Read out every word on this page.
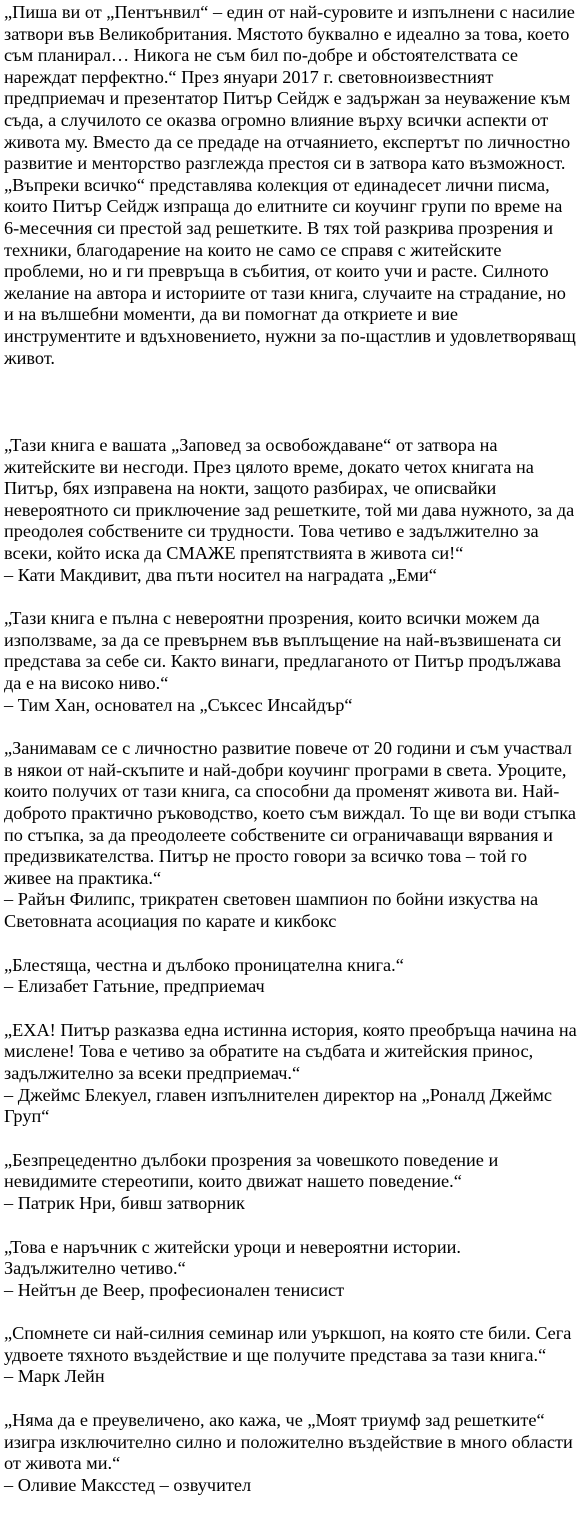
„Пиша ви от „Пентънвил“ – един от най-суровите и изпълнени с насилие затвори във Великобритания. Мястото буквално е идеално за това, което съм планирал… Никога не съм бил по-добре и обстоятелствата се нареждат перфектно.“ През януари 2017 г. световноизвестният предприемач и презентатор Питър Сейдж е задържан за неуважение към съда, а случилото се оказва огромно влияние върху всички аспекти от живота му. Вместо да се предаде на отчаянието, експертът по личностно развитие и менторство разглежда престоя си в затвора като възможност. „Въпреки всичко“ представлява колекция от единадесет лични писма, които Питър Сейдж изпраща до елитните си коучинг групи по време на 6-месечния си престой зад решетките. В тях той разкрива прозрения и техники, благодарение на които не само се справя с житейските проблеми, но и ги превръща в събития, от които учи и расте. Силното желание на автора и историите от тази книга, случаите на страдание, но и на вълшебни моменти, да ви помогнат да откриете и вие инструментите и вдъхновението, нужни за по-щастлив и удовлетворяващ живот.

„Тази книга е вашата „Заповед за освобождаване“ от затвора на житейските ви несгоди. През цялото време, докато четох книгата на Питър, бях изправена на нокти, защото разбирах, че описвайки невероятното си приключение зад решетките, той ми дава нужното, за да преодолея собствените си трудности. Това четиво е задължително за всеки, който иска да СМАЖЕ препятствията в живота си!“

– Кати Макдивит, два пъти носител на наградата „Еми“

„Тази книга е пълна с невероятни прозрения, които всички можем да използваме, за да се превърнем във въплъщение на най-възвишената си представа за себе си. Както винаги, предлаганото от Питър продължава да е на високо ниво.“

– Тим Хан, основател на „Съксес Инсайдър“

„Занимавам се с личностно развитие повече от 20 години и съм участвал в някои от най-скъпите и най-добри коучинг програми в света. Уроците, които получих от тази книга, са способни да променят живота ви. Най-доброто практично ръководство, което съм виждал. То ще ви води стъпка по стъпка, за да преодолеете собствените си ограничаващи вярвания и предизвикателства. Питър не просто говори за всичко това – той го живее на практика.“

– Райън Филипс, трикратен световен шампион по бойни изкуства на Световната асоциация по карате и кикбокс

„Блестяща, честна и дълбоко проницателна книга.“

– Елизабет Гатьние, предприемач

„ЕХА! Питър разказва една истинна история, която преобръща начина на мислене! Това е четиво за обратите на съдбата и житейския принос, задължително за всеки предприемач.“

– Джеймс Блекуел, главен изпълнителен директор на „Роналд Джеймс Груп“

„Безпрецедентно дълбоки прозрения за човешкото поведение и невидимите стереотипи, които движат нашето поведение.“

– Патрик Нри, бивш затворник

„Това е наръчник с житейски уроци и невероятни истории. Задължително четиво.“

– Нейтън де Веер, професионален тенисист

„Спомнете си най-силния семинар или уъркшоп, на която сте били. Сега удвоете тяхното въздействие и ще получите представа за тази книга.“

– Марк Лейн

„Няма да е преувеличено, ако кажа, че „Моят триумф зад решетките“ изигра изключително силно и положително въздействие в много области от живота ми.“

– Оливие Максстед – озвучител
